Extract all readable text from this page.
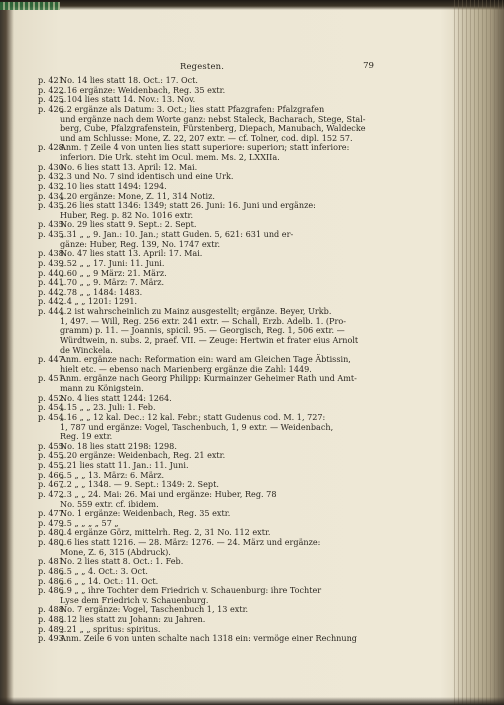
Regesten.	79
p. 421.
No. 14 lies statt 18. Oct.: 17. Oct.
p. 422.
„ 16 ergänze: Weidenbach, Reg. 35 extr.
p. 425.
„ 104 lies statt 14. Nov.: 13. Nov.
p. 426.
„ 2 ergänze als Datum: 3. Oct.; lies statt Pfazgrafen: Pfalzgrafen
und ergänze nach dem Worte ganz: nebst Staleck, Bacharach, Stege, Stal-
berg, Cube, Pfalzgrafenstein, Fürstenberg, Diepach, Manubach, Waldecke
und am Schlusse: Mone, Z. 22, 207 extr. — cf. Tolner, cod. dipl. 152 57.
p. 428.
Anm. † Zeile 4 von unten lies statt superiore: superiorı; statt inferiore:
inferiorı. Die Urk. steht im Ocul. mem. Ms. 2, LXXIIa.
p. 430.
No. 6 lies statt 13. April: 12. Mai.
p. 432.
„ 3 und No. 7 sind identisch und eine Urk.
p. 432.
„ 10 lies statt 1494: 1294.
p. 434.
„ 20 ergänze: Mone, Z. 11, 314 Notiz.
p. 435.
„ 26 lies statt 1346: 1349; statt 26. Juni: 16. Juni und ergänze:
Huber, Reg. p. 82 No. 1016 extr.
p. 435.
No. 29 lies statt 9. Sept.: 2. Sept.
p. 435.
„ 31 „ „ 9. Jan.: 10. Jan.; statt Guden. 5, 621: 631 und er-
gänze: Huber, Reg. 139, No. 1747 extr.
p. 438.
No. 47 lies statt 13. April: 17. Mai.
p. 439.
„ 52 „ „ 17. Juni: 11. Juni.
p. 440.
„ 60 „ „ 9 März: 21. März.
p. 441.
„ 70 „ „ 9. März: 7. März.
p. 442.
„ 78 „ „ 1484: 1483.
p. 442.
„ 4 „ „ 1201: 1291.
p. 444.
„ 2 ist wahrscheinlich zu Mainz ausgestellt; ergänze. Beyer, Urkb.
1, 497. — Will, Reg. 256 extr. 241 extr. — Schall, Erzb. Adelb. 1. (Pro-
gramm) p. 11. — Joannis, spicil. 95. — Georgisch, Reg. 1, 506 extr. —
Würdtwein, n. subs. 2, praef. VII. — Zeuge: Hertwin et frater eius Arnolt
de Winckela.
p. 447.
Anm. ergänze nach: Reformation ein: ward am Gleichen Tage Äbtissin,
hielt etc. — ebenso nach Marienberg ergänze die Zahl: 1449.
p. 451.
Anm. ergänze nach Georg Philipp: Kurmainzer Geheimer Rath und Amt-
mann zu Königstein.
p. 452.
No. 4 lies statt 1244: 1264.
p. 454.
„ 15 „ „ 23. Juli: 1. Feb.
p. 454.
„ 16 „ „ 12 kal. Dec.: 12 kal. Febr.; statt Gudenus cod. M. 1, 727:
1, 787 und ergänze: Vogel, Taschenbuch, 1, 9 extr. — Weidenbach,
Reg. 19 extr.
p. 455.
No. 18 lies statt 2198: 1298.
p. 455.
„ 20 ergänze: Weidenbach, Reg. 21 extr.
p. 455.
„ 21 lies statt 11. Jan.: 11. Juni.
p. 466.
„ 5 „ „ 13. März: 6. März.
p. 467.
„ 2 „ „ 1348. — 9. Sept.: 1349: 2. Sept.
p. 472.
„ 3 „ „ 24. Mai: 26. Mai und ergänze: Huber, Reg. 78
No. 559 extr. cf. ibidem.
p. 477.
No. 1 ergänze: Weidenbach, Reg. 35 extr.
p. 479.
„ 5 „ „ „ „ 57 „
p. 480.
„ 4 ergänze Görz, mittelrh. Reg. 2, 31 No. 112 extr.
p. 480.
„ 6 lies statt 1216. — 28. März: 1276. — 24. März und ergänze:
Mone, Z. 6, 315 (Abdruck).
p. 481.
No. 2 lies statt 8. Oct.: 1. Feb.
p. 486.
„ 5 „ „ 4. Oct.: 3. Oct.
p. 486.
„ 6 „ „ 14. Oct.: 11. Oct.
p. 486.
„ 9 „ „ ihre Tochter dem Friedrich v. Schauenburg: ihre Tochter
Lyse dem Friedrich v. Schauenburg.
p. 488.
No. 7 ergänze: Vogel, Taschenbuch 1, 13 extr.
p. 488.
„ 12 lies statt zu Johann: zu Jahren.
p. 489.
„ 21 „ „ spritus: spiritus.
p. 493.
Anm. Zeile 6 von unten schalte nach 1318 ein: vermöge einer Rechnung
